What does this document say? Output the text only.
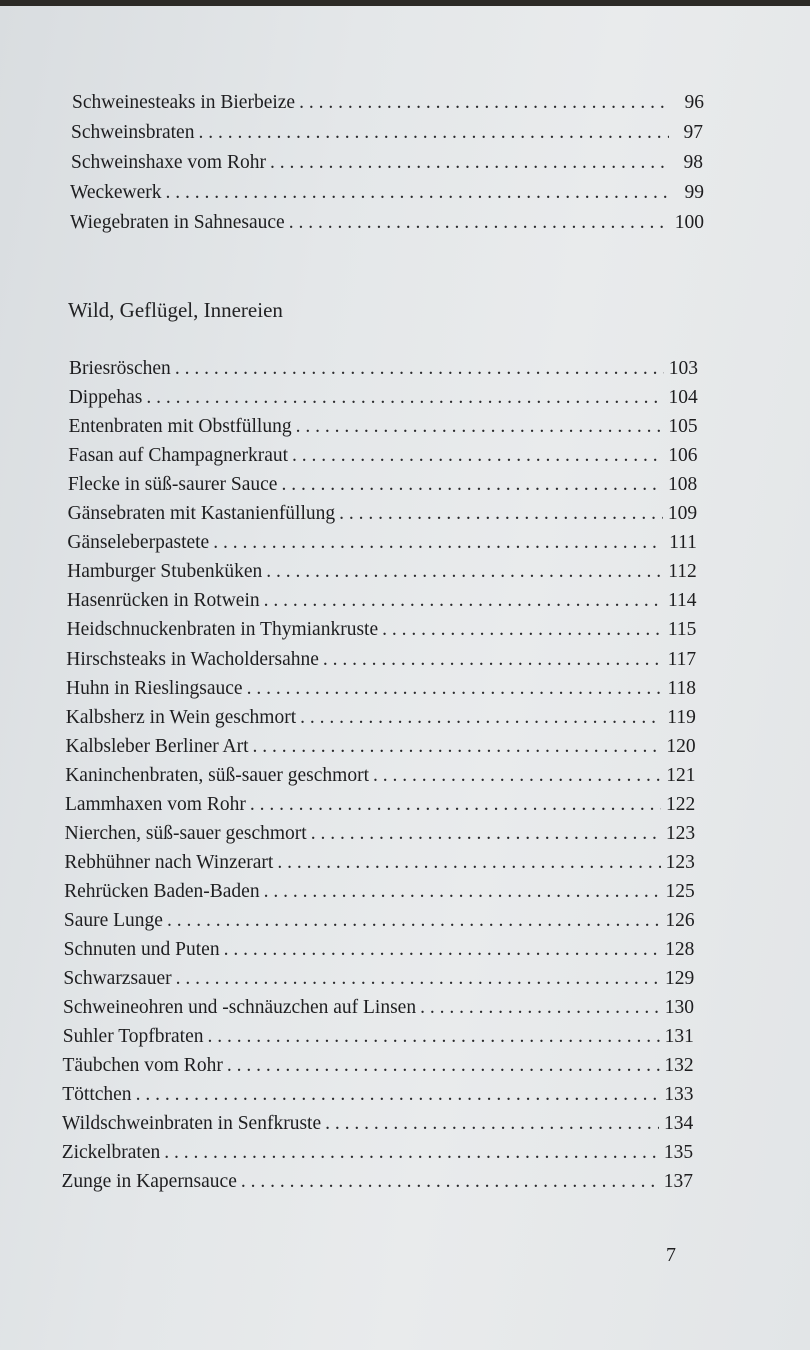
Schweinesteaks in Bierbeize . . .	96
Schweinsbraten . . .	97
Schweinshaxe vom Rohr . . .	98
Weckewerk . . .	99
Wiegebraten in Sahnesauce . . .	100
Wild, Geflügel, Innereien
Briesröschen . . .	103
Dippehas . . .	104
Entenbraten mit Obstfüllung . . .	105
Fasan auf Champagnerkraut . . .	106
Flecke in süß-saurer Sauce . . .	108
Gänsebraten mit Kastanienfüllung . . .	109
Gänseleberpastete . . .	111
Hamburger Stubenküken . . .	112
Hasenrücken in Rotwein . . .	114
Heidschnuckenbraten in Thymiankruste . . .	115
Hirschsteaks in Wacholdersahne . . .	117
Huhn in Rieslingsauce . . .	118
Kalbsherz in Wein geschmort . . .	119
Kalbsleber Berliner Art . . .	120
Kaninchenbraten, süß-sauer geschmort . . .	121
Lammhaxen vom Rohr . . .	122
Nierchen, süß-sauer geschmort . . .	123
Rebhühner nach Winzerart . . .	123
Rehrücken Baden-Baden . . .	125
Saure Lunge . . .	126
Schnuten und Puten . . .	128
Schwarzsauer . . .	129
Schweineohren und -schnäuzchen auf Linsen . . .	130
Suhler Topfbraten . . .	131
Täubchen vom Rohr . . .	132
Töttchen . . .	133
Wildschweinbraten in Senfkruste . . .	134
Zickelbraten . . .	135
Zunge in Kapernsauce . . .	137
7
